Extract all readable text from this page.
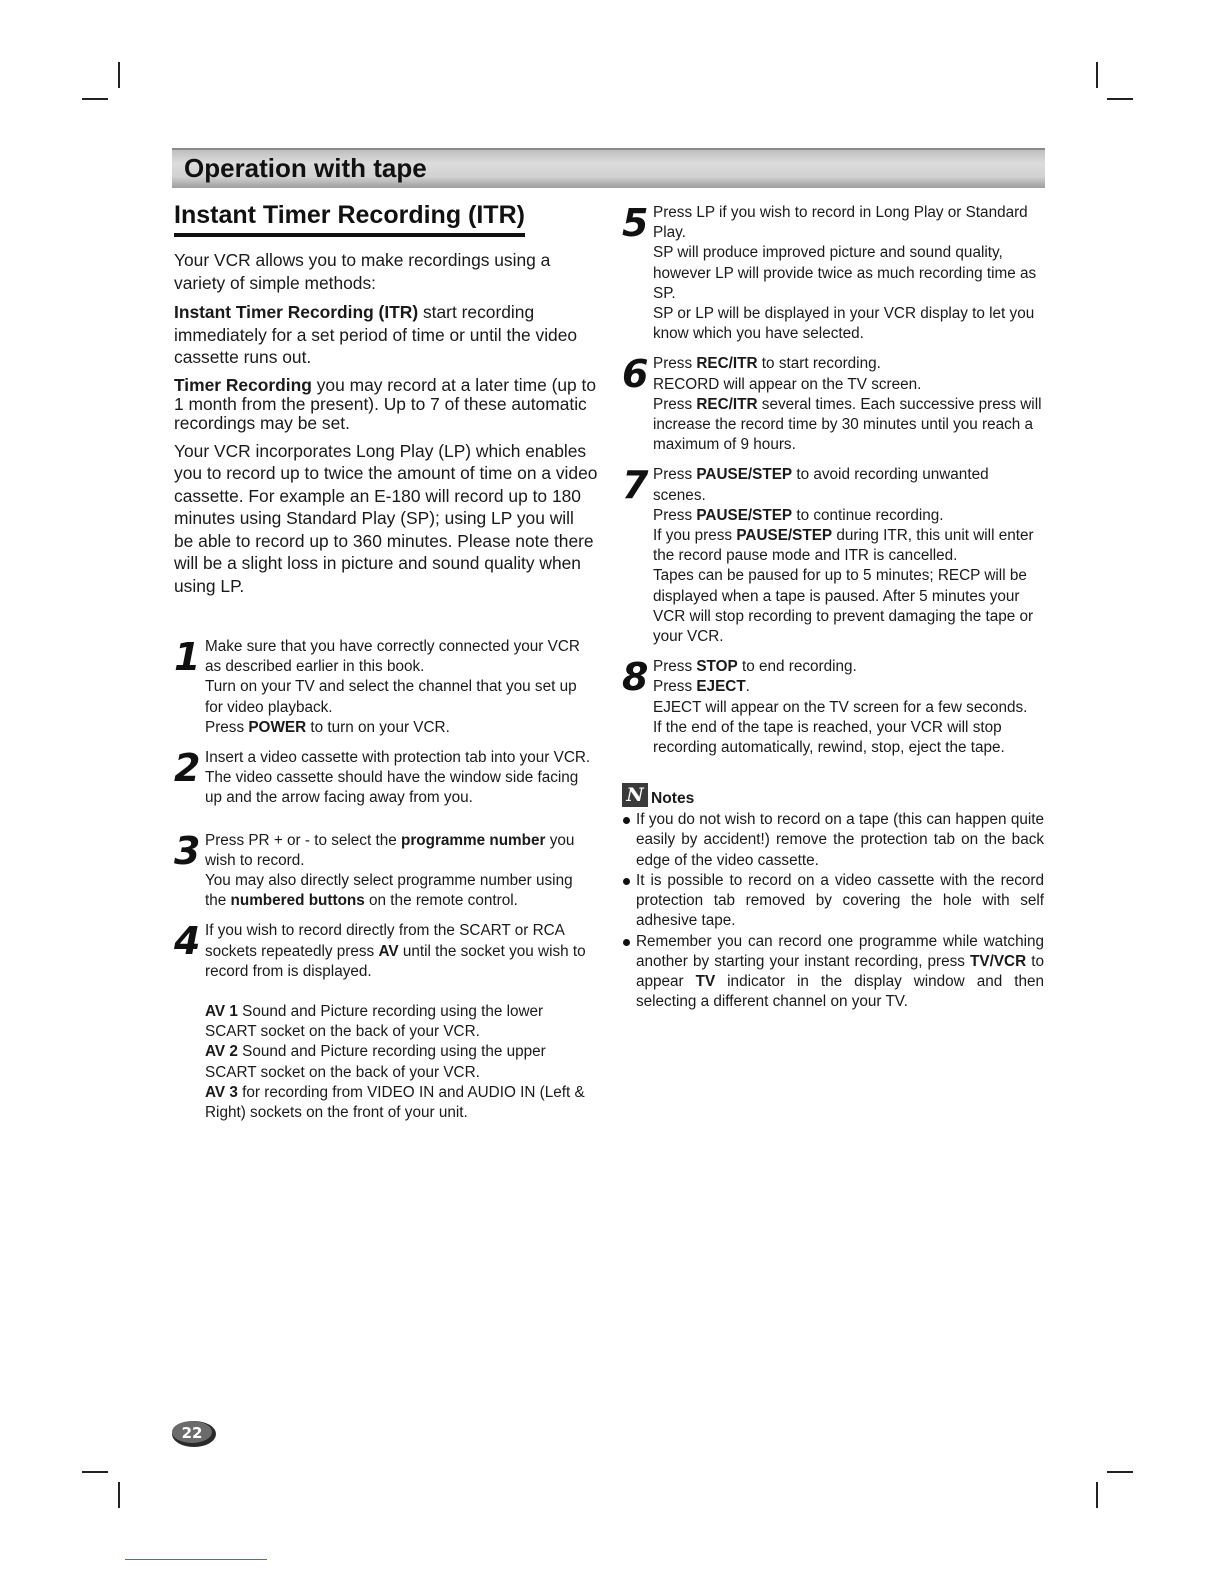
Operation with tape
Instant Timer Recording (ITR)

Your VCR allows you to make recordings using a variety of simple methods:

Instant Timer Recording (ITR) start recording immediately for a set period of time or until the video cassette runs out.

Timer Recording you may record at a later time (up to 1 month from the present). Up to 7 of these automatic recordings may be set.

Your VCR incorporates Long Play (LP) which enables you to record up to twice the amount of time on a video cassette. For example an E-180 will record up to 180 minutes using Standard Play (SP); using LP you will be able to record up to 360 minutes. Please note there will be a slight loss in picture and sound quality when using LP.

1 Make sure that you have correctly connected your VCR as described earlier in this book.

Turn on your TV and select the channel that you set up for video playback.

Press POWER to turn on your VCR.

2 Insert a video cassette with protection tab into your VCR.

The video cassette should have the window side facing up and the arrow facing away from you.

3 Press PR + or - to select the programme number you wish to record.

You may also directly select programme number using the numbered buttons on the remote control.

4 If you wish to record directly from the SCART or RCA sockets repeatedly press AV until the socket you wish to record from is displayed.

AV 1 Sound and Picture recording using the lower SCART socket on the back of your VCR.

AV 2 Sound and Picture recording using the upper SCART socket on the back of your VCR.

AV 3 for recording from VIDEO IN and AUDIO IN (Left & Right) sockets on the front of your unit.

5 Press LP if you wish to record in Long Play or Standard Play.

SP will produce improved picture and sound quality, however LP will provide twice as much recording time as SP.

SP or LP will be displayed in your VCR display to let you know which you have selected.

6 Press REC/ITR to start recording.

RECORD will appear on the TV screen.

Press REC/ITR several times. Each successive press will increase the record time by 30 minutes until you reach a maximum of 9 hours.

7 Press PAUSE/STEP to avoid recording unwanted scenes.

Press PAUSE/STEP to continue recording.

If you press PAUSE/STEP during ITR, this unit will enter the record pause mode and ITR is cancelled.

Tapes can be paused for up to 5 minutes; RECP will be displayed when a tape is paused. After 5 minutes your VCR will stop recording to prevent damaging the tape or your VCR.

8 Press STOP to end recording.

Press EJECT.

EJECT will appear on the TV screen for a few seconds.

If the end of the tape is reached, your VCR will stop recording automatically, rewind, stop, eject the tape.

N Notes
If you do not wish to record on a tape (this can happen quite easily by accident!) remove the protection tab on the back edge of the video cassette.
It is possible to record on a video cassette with the record protection tab removed by covering the hole with self adhesive tape.
Remember you can record one programme while watching another by starting your instant recording, press TV/VCR to appear TV indicator in the display window and then selecting a different channel on your TV.
22
